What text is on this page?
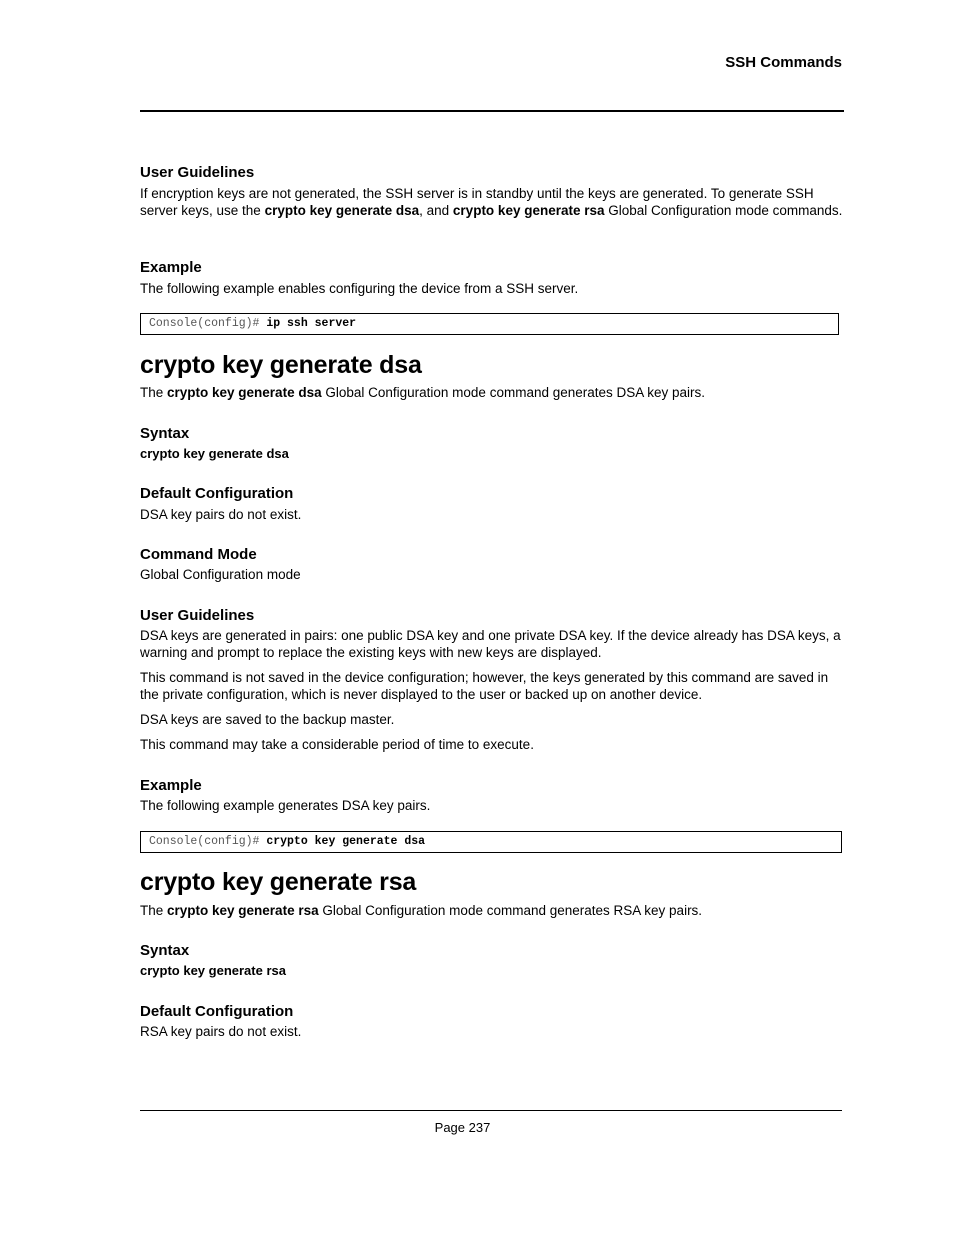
SSH Commands
User Guidelines

If encryption keys are not generated, the SSH server is in standby until the keys are generated. To generate SSH server keys, use the crypto key generate dsa, and crypto key generate rsa Global Configuration mode commands.

Example

The following example enables configuring the device from a SSH server.

Console(config)# ip ssh server
crypto key generate dsa

The crypto key generate dsa Global Configuration mode command generates DSA key pairs.

Syntax
crypto key generate dsa
Default Configuration

DSA key pairs do not exist.

Command Mode

Global Configuration mode

User Guidelines

DSA keys are generated in pairs: one public DSA key and one private DSA key. If the device already has DSA keys, a warning and prompt to replace the existing keys with new keys are displayed.

This command is not saved in the device configuration; however, the keys generated by this command are saved in the private configuration, which is never displayed to the user or backed up on another device.

DSA keys are saved to the backup master.

This command may take a considerable period of time to execute.

Example

The following example generates DSA key pairs.

Console(config)# crypto key generate dsa
crypto key generate rsa

The crypto key generate rsa Global Configuration mode command generates RSA key pairs.

Syntax
crypto key generate rsa
Default Configuration

RSA key pairs do not exist.

Page 237
